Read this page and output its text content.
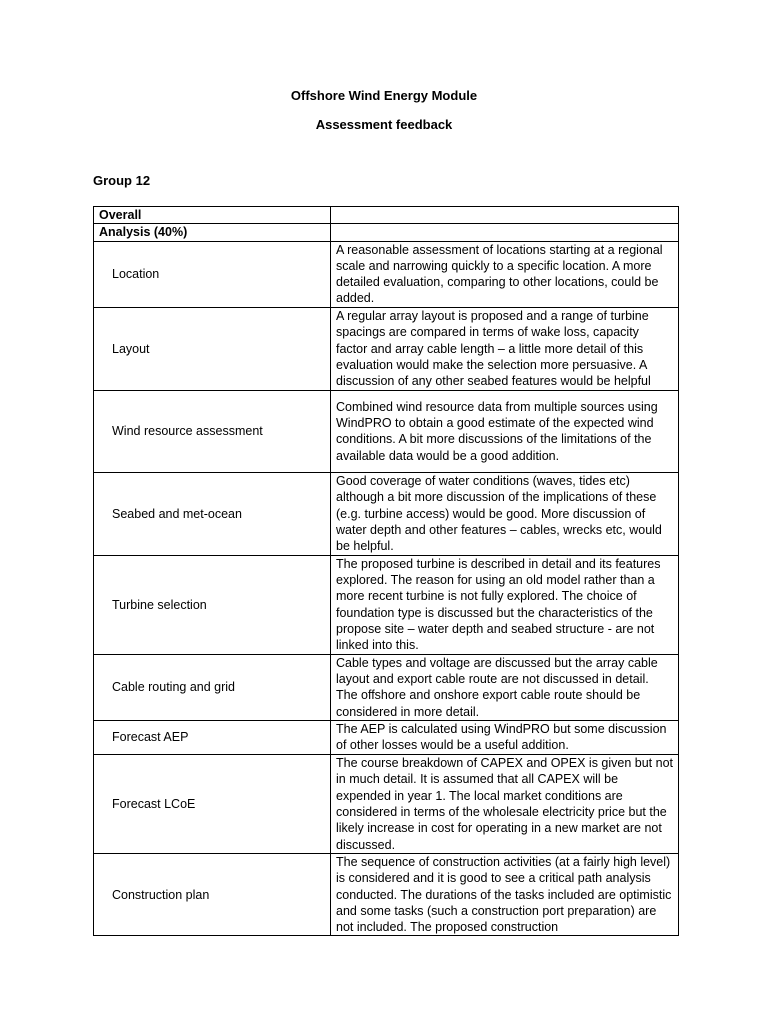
Offshore Wind Energy Module
Assessment feedback
Group 12
Overall	
Analysis (40%)	
Location	A reasonable assessment of locations starting at a regional scale and narrowing quickly to a specific location. A more detailed evaluation, comparing to other locations, could be added.
Layout	A regular array layout is proposed and a range of turbine spacings are compared in terms of wake loss, capacity factor and array cable length – a little more detail of this evaluation would make the selection more persuasive. A discussion of any other seabed features would be helpful
Wind resource assessment	Combined wind resource data from multiple sources using WindPRO to obtain a good estimate of the expected wind conditions. A bit more discussions of the limitations of the available data would be a good addition.
Seabed and met-ocean	Good coverage of water conditions (waves, tides etc) although a bit more discussion of the implications of these (e.g. turbine access) would be good. More discussion of water depth and other features – cables, wrecks etc, would be helpful.
Turbine selection	The proposed turbine is described in detail and its features explored. The reason for using an old model rather than a more recent turbine is not fully explored. The choice of foundation type is discussed but the characteristics of the propose site – water depth and seabed structure - are not linked into this.
Cable routing and grid	Cable types and voltage are discussed but the array cable layout and export cable route are not discussed in detail. The offshore and onshore export cable route should be considered in more detail.
Forecast AEP	The AEP is calculated using WindPRO but some discussion of other losses would be a useful addition.
Forecast LCoE	The course breakdown of CAPEX and OPEX is given but not in much detail. It is assumed that all CAPEX will be expended in year 1. The local market conditions are considered in terms of the wholesale electricity price but the likely increase in cost for operating in a new market are not discussed.
Construction plan	The sequence of construction activities (at a fairly high level) is considered and it is good to see a critical path analysis conducted. The durations of the tasks included are optimistic and some tasks (such a construction port preparation) are not included. The proposed construction
